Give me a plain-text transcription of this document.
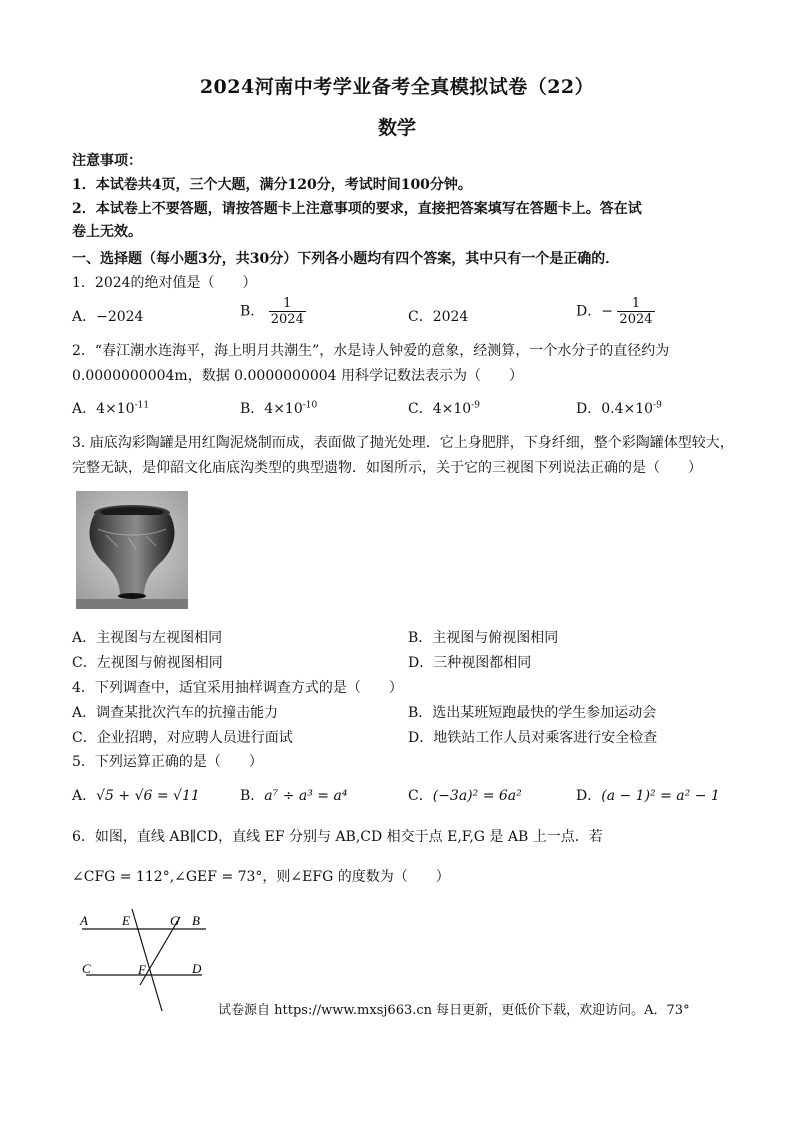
2024河南中考学业备考全真模拟试卷（22）
数学
注意事项：
1．本试卷共4页，三个大题，满分120分，考试时间100分钟。
2．本试卷上不要答题，请按答题卡上注意事项的要求，直接把答案填写在答题卡上。答在试
卷上无效。
一、选择题（每小题3分，共30分）下列各小题均有四个答案，其中只有一个是正确的．
1．2024的绝对值是（　　）
A．−2024	B． $\frac{1}{2024}$	C．2024	D．− $\frac{1}{2024}$
2．“春江潮水连海平，海上明月共潮生”，水是诗人钟爱的意象，经测算，一个水分子的直径约为
0.0000000004m，数据 0.0000000004 用科学记数法表示为（　　）
A．$4\times 10^{-11}$	B．$4\times 10^{-10}$	C．$4\times 10^{-9}$	D．$0.4\times 10^{-9}$
3. 庙底沟彩陶罐是用红陶泥烧制而成，表面做了抛光处理．它上身肥胖，下身纤细，整个彩陶罐体型较大，
完整无缺，是仰韶文化庙底沟类型的典型遗物．如图所示，关于它的三视图下列说法正确的是（　　）
A．主视图与左视图相同	B．主视图与俯视图相同
C．左视图与俯视图相同	D．三种视图都相同
4．下列调查中，适宜采用抽样调查方式的是（　　）
A．调查某批次汽车的抗撞击能力	B．选出某班短跑最快的学生参加运动会
C．企业招聘，对应聘人员进行面试	D．地铁站工作人员对乘客进行安全检查
5．下列运算正确的是（　　）
A．√5 + √6 = √11	B．a⁷ ÷ a³ = a⁴	C．(−3a)² = 6a²	D．(a − 1)² = a² − 1
6．如图，直线 AB∥CD，直线 EF 分别与 AB,CD 相交于点 E,F,G 是 AB 上一点．若
∠CFG = 112°,∠GEF = 73°，则∠EFG 的度数为（　　）
A	E	G B
C	F	D
试卷源自 https://www.mxsj663.cn 每日更新，更低价下载，欢迎访问。A．73°
